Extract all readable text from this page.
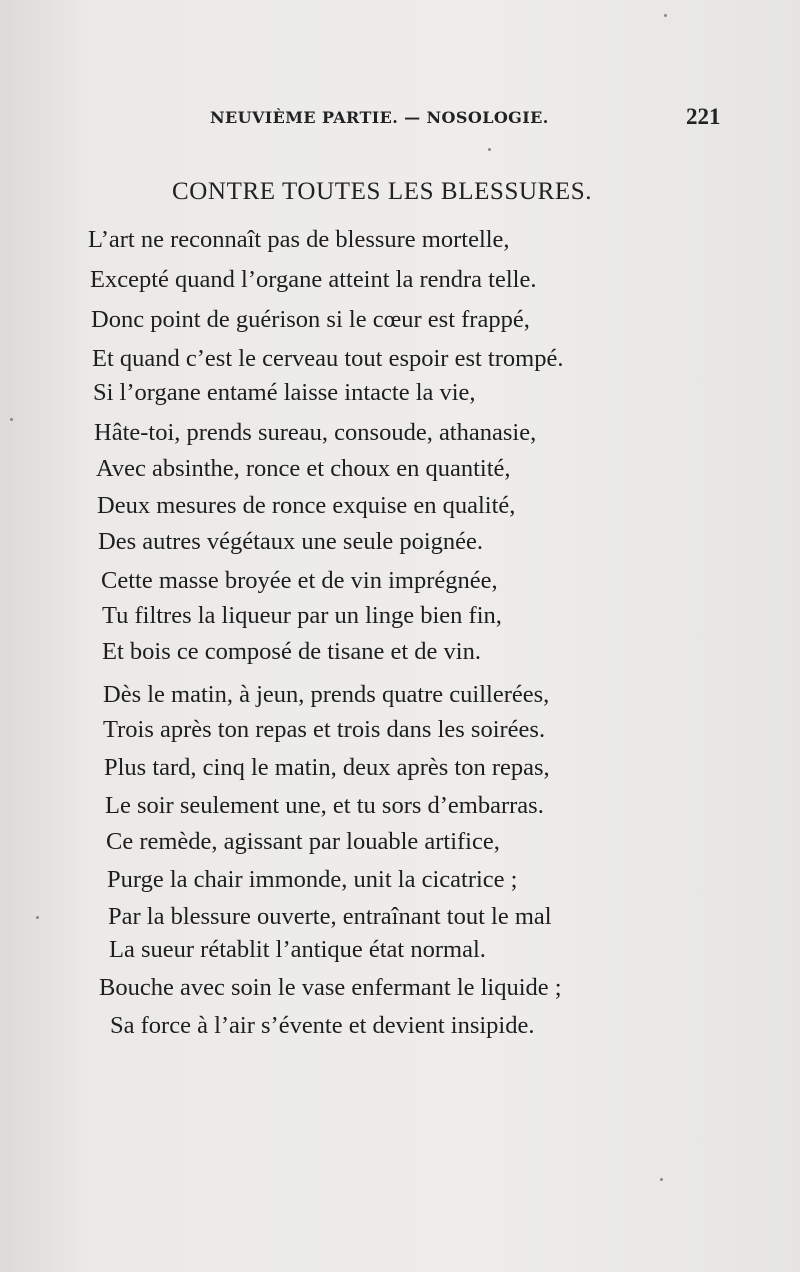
NEUVIÈME PARTIE. — NOSOLOGIE.	221
CONTRE TOUTES LES BLESSURES.
L’art ne reconnaît pas de blessure mortelle,
Excepté quand l’organe atteint la rendra telle.
Donc point de guérison si le cœur est frappé,
Et quand c’est le cerveau tout espoir est trompé.
Si l’organe entamé laisse intacte la vie,
Hâte-toi, prends sureau, consoude, athanasie,
Avec absinthe, ronce et choux en quantité,
Deux mesures de ronce exquise en qualité,
Des autres végétaux une seule poignée.
Cette masse broyée et de vin imprégnée,
Tu filtres la liqueur par un linge bien fin,
Et bois ce composé de tisane et de vin.
Dès le matin, à jeun, prends quatre cuillerées,
Trois après ton repas et trois dans les soirées.
Plus tard, cinq le matin, deux après ton repas,
Le soir seulement une, et tu sors d’embarras.
Ce remède, agissant par louable artifice,
Purge la chair immonde, unit la cicatrice ;
Par la blessure ouverte, entraînant tout le mal
La sueur rétablit l’antique état normal.
Bouche avec soin le vase enfermant le liquide ;
Sa force à l’air s’évente et devient insipide.
